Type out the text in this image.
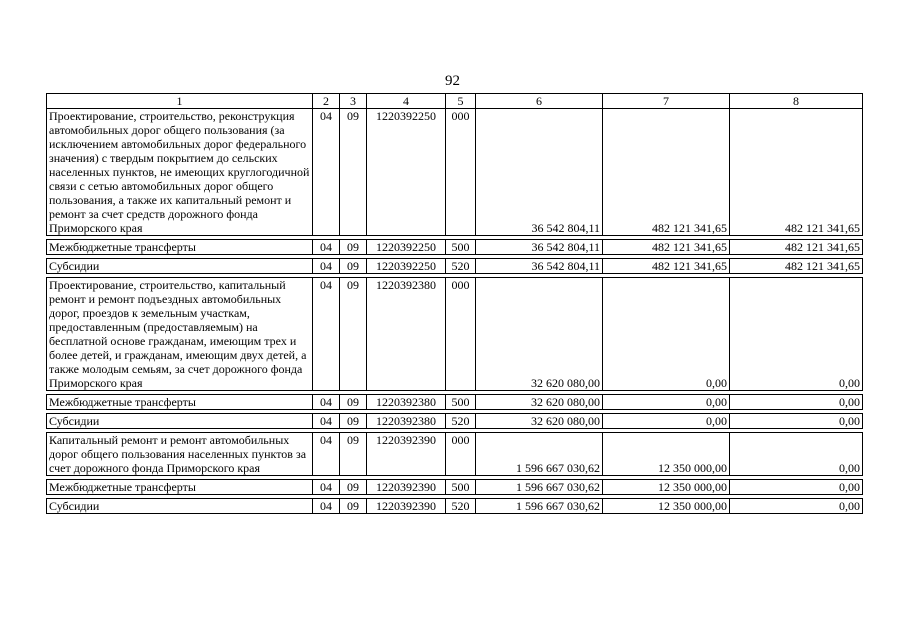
92
1	2	3	4	5	6	7	8
Проектирование, строительство, реконструкция автомобильных дорог общего пользования (за исключением автомобильных дорог федерального значения) с твердым покрытием до сельских населенных пунктов, не имеющих круглогодичной связи с сетью автомобильных дорог общего пользования, а также их капитальный ремонт и ремонт за счет средств дорожного фонда Приморского края	04	09	1220392250	000	36 542 804,11	482 121 341,65	482 121 341,65

Межбюджетные трансферты	04	09	1220392250	500	36 542 804,11	482 121 341,65	482 121 341,65

Субсидии	04	09	1220392250	520	36 542 804,11	482 121 341,65	482 121 341,65

Проектирование, строительство, капитальный ремонт и ремонт подъездных автомобильных дорог, проездов к земельным участкам, предоставленным (предоставляемым) на бесплатной основе гражданам, имеющим трех и более детей, и гражданам, имеющим двух детей, а также молодым семьям, за счет дорожного фонда Приморского края	04	09	1220392380	000	32 620 080,00	0,00	0,00

Межбюджетные трансферты	04	09	1220392380	500	32 620 080,00	0,00	0,00

Субсидии	04	09	1220392380	520	32 620 080,00	0,00	0,00

Капитальный ремонт и ремонт автомобильных дорог общего пользования населенных пунктов за счет дорожного фонда Приморского края	04	09	1220392390	000	1 596 667 030,62	12 350 000,00	0,00

Межбюджетные трансферты	04	09	1220392390	500	1 596 667 030,62	12 350 000,00	0,00

Субсидии	04	09	1220392390	520	1 596 667 030,62	12 350 000,00	0,00
